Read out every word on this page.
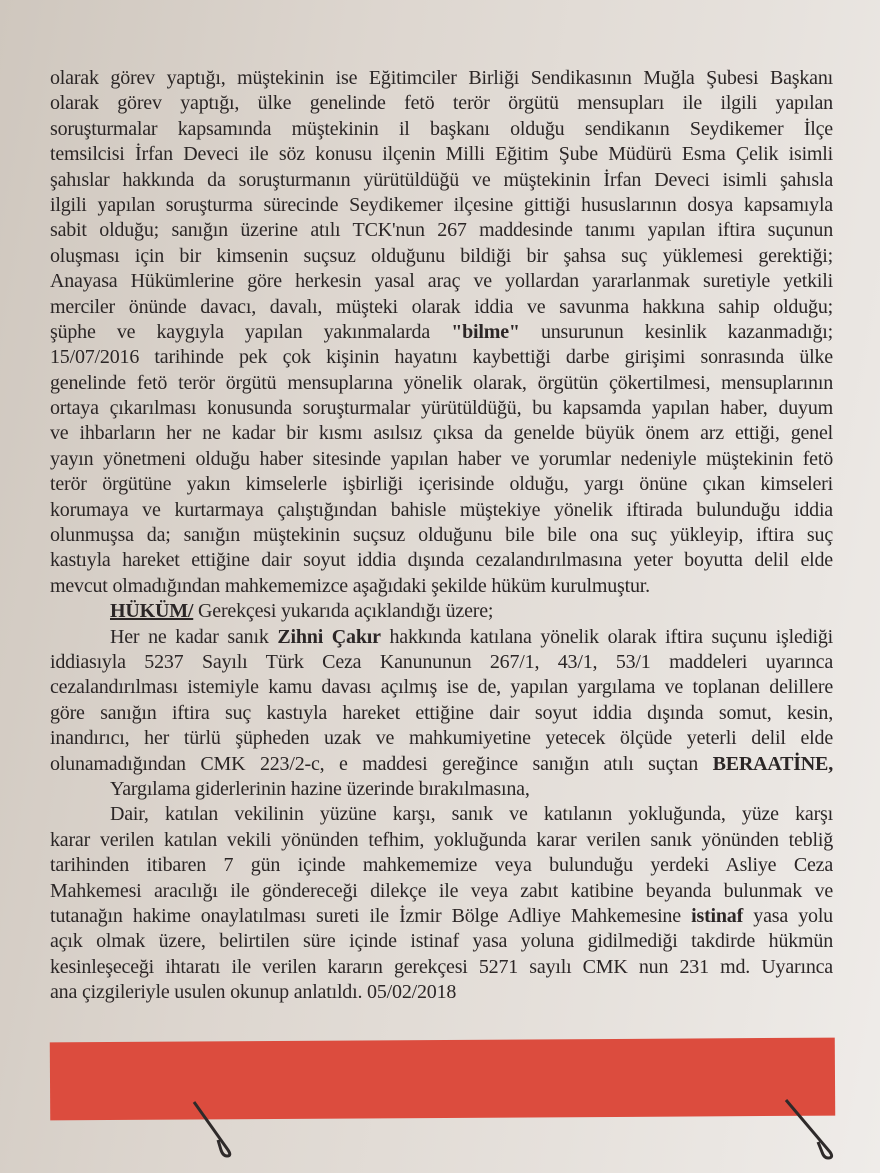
olarak görev yaptığı, müştekinin ise Eğitimciler Birliği Sendikasının Muğla Şubesi Başkanı
olarak görev yaptığı, ülke genelinde fetö terör örgütü mensupları ile ilgili yapılan
soruşturmalar kapsamında müştekinin il başkanı olduğu sendikanın Seydikemer İlçe
temsilcisi İrfan Deveci ile söz konusu ilçenin Milli Eğitim Şube Müdürü Esma Çelik isimli
şahıslar hakkında da soruşturmanın yürütüldüğü ve müştekinin İrfan Deveci isimli şahısla
ilgili yapılan soruşturma sürecinde Seydikemer ilçesine gittiği hususlarının dosya kapsamıyla
sabit olduğu; sanığın üzerine atılı TCK'nun 267 maddesinde tanımı yapılan iftira suçunun
oluşması için bir kimsenin suçsuz olduğunu bildiği bir şahsa suç yüklemesi gerektiği;
Anayasa Hükümlerine göre herkesin yasal araç ve yollardan yararlanmak suretiyle yetkili
merciler önünde davacı, davalı, müşteki olarak iddia ve savunma hakkına sahip olduğu;
şüphe ve kaygıyla yapılan yakınmalarda "bilme" unsurunun kesinlik kazanmadığı;
15/07/2016 tarihinde pek çok kişinin hayatını kaybettiği darbe girişimi sonrasında ülke
genelinde fetö terör örgütü mensuplarına yönelik olarak, örgütün çökertilmesi, mensuplarının
ortaya çıkarılması konusunda soruşturmalar yürütüldüğü, bu kapsamda yapılan haber, duyum
ve ihbarların her ne kadar bir kısmı asılsız çıksa da genelde büyük önem arz ettiği, genel
yayın yönetmeni olduğu haber sitesinde yapılan haber ve yorumlar nedeniyle müştekinin fetö
terör örgütüne yakın kimselerle işbirliği içerisinde olduğu, yargı önüne çıkan kimseleri
korumaya ve kurtarmaya çalıştığından bahisle müştekiye yönelik iftirada bulunduğu iddia
olunmuşsa da; sanığın müştekinin suçsuz olduğunu bile bile ona suç yükleyip, iftira suç
kastıyla hareket ettiğine dair soyut iddia dışında cezalandırılmasına yeter boyutta delil elde
mevcut olmadığından mahkememizce aşağıdaki şekilde hüküm kurulmuştur.
HÜKÜM/ Gerekçesi yukarıda açıklandığı üzere;
Her ne kadar sanık Zihni Çakır hakkında katılana yönelik olarak iftira suçunu işlediği
iddiasıyla 5237 Sayılı Türk Ceza Kanununun 267/1, 43/1, 53/1 maddeleri uyarınca
cezalandırılması istemiyle kamu davası açılmış ise de, yapılan yargılama ve toplanan delillere
göre sanığın iftira suç kastıyla hareket ettiğine dair soyut iddia dışında somut, kesin,
inandırıcı, her türlü şüpheden uzak ve mahkumiyetine yetecek ölçüde yeterli delil elde
olunamadığından CMK 223/2-c, e maddesi gereğince sanığın atılı suçtan BERAATİNE,
Yargılama giderlerinin hazine üzerinde bırakılmasına,
Dair, katılan vekilinin yüzüne karşı, sanık ve katılanın yokluğunda, yüze karşı
karar verilen katılan vekili yönünden tefhim, yokluğunda karar verilen sanık yönünden tebliğ
tarihinden itibaren 7 gün içinde mahkememize veya bulunduğu yerdeki Asliye Ceza
Mahkemesi aracılığı ile göndereceği dilekçe ile veya zabıt katibine beyanda bulunmak ve
tutanağın hakime onaylatılması sureti ile İzmir Bölge Adliye Mahkemesine istinaf yasa yolu
açık olmak üzere, belirtilen süre içinde istinaf yasa yoluna gidilmediği takdirde hükmün
kesinleşeceği ihtaratı ile verilen kararın gerekçesi 5271 sayılı CMK nun 231 md. Uyarınca
ana çizgileriyle usulen okunup anlatıldı. 05/02/2018
